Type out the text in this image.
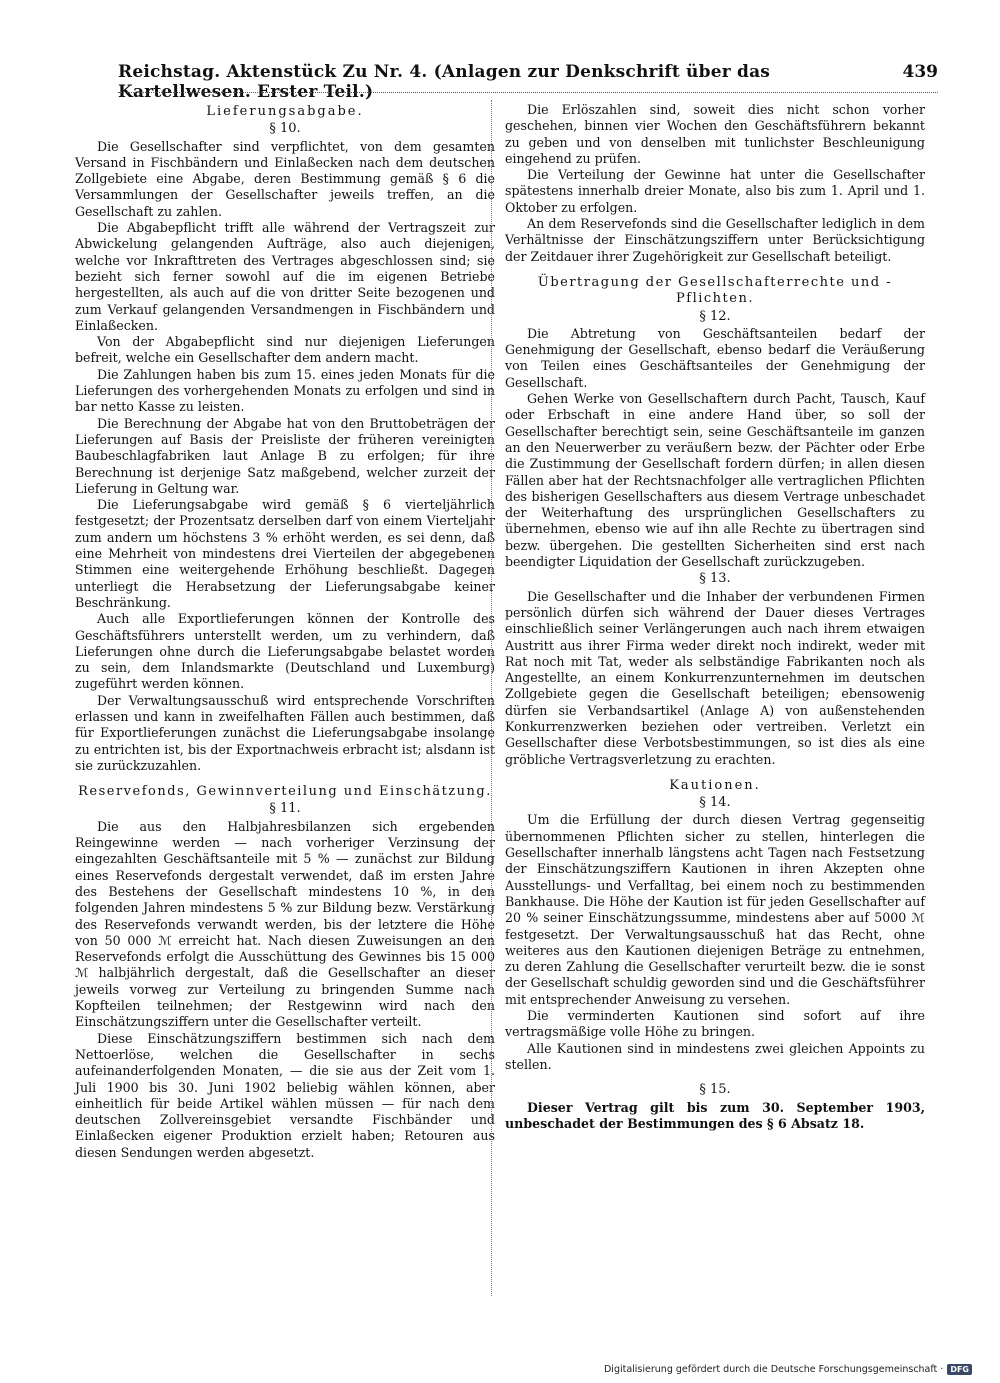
Reichstag. Aktenstück Zu Nr. 4. (Anlagen zur Denkschrift über das Kartellwesen. Erster Teil.)
439
Lieferungsabgabe.
§ 10.

Die Gesellschafter sind verpflichtet, von dem gesamten Versand in Fischbändern und Einlaßecken nach dem deutschen Zollgebiete eine Abgabe, deren Bestimmung gemäß § 6 die Versammlungen der Gesellschafter jeweils treffen, an die Gesellschaft zu zahlen.

Die Abgabepflicht trifft alle während der Vertragszeit zur Abwickelung gelangenden Aufträge, also auch diejenigen, welche vor Inkrafttreten des Vertrages abgeschlossen sind; sie bezieht sich ferner sowohl auf die im eigenen Betriebe hergestellten, als auch auf die von dritter Seite bezogenen und zum Verkauf gelangenden Versandmengen in Fischbändern und Einlaßecken.

Von der Abgabepflicht sind nur diejenigen Lieferungen befreit, welche ein Gesellschafter dem andern macht.

Die Zahlungen haben bis zum 15. eines jeden Monats für die Lieferungen des vorhergehenden Monats zu erfolgen und sind in bar netto Kasse zu leisten.

Die Berechnung der Abgabe hat von den Bruttobeträgen der Lieferungen auf Basis der Preisliste der früheren vereinigten Baubeschlagfabriken laut Anlage B zu erfolgen; für ihre Berechnung ist derjenige Satz maßgebend, welcher zurzeit der Lieferung in Geltung war.

Die Lieferungsabgabe wird gemäß § 6 vierteljährlich festgesetzt; der Prozentsatz derselben darf von einem Vierteljahr zum andern um höchstens 3 % erhöht werden, es sei denn, daß eine Mehrheit von mindestens drei Vierteilen der abgegebenen Stimmen eine weitergehende Erhöhung beschließt. Dagegen unterliegt die Herabsetzung der Lieferungsabgabe keiner Beschränkung.

Auch alle Exportlieferungen können der Kontrolle des Geschäftsführers unterstellt werden, um zu verhindern, daß Lieferungen ohne durch die Lieferungsabgabe belastet worden zu sein, dem Inlandsmarkte (Deutschland und Luxemburg) zugeführt werden können.

Der Verwaltungsausschuß wird entsprechende Vorschriften erlassen und kann in zweifelhaften Fällen auch bestimmen, daß für Exportlieferungen zunächst die Lieferungsabgabe insolange zu entrichten ist, bis der Exportnachweis erbracht ist; alsdann ist sie zurückzuzahlen.

Reservefonds, Gewinnverteilung und Einschätzung.
§ 11.

Die aus den Halbjahresbilanzen sich ergebenden Reingewinne werden — nach vorheriger Verzinsung der eingezahlten Geschäftsanteile mit 5 % — zunächst zur Bildung eines Reservefonds dergestalt verwendet, daß im ersten Jahre des Bestehens der Gesellschaft mindestens 10 %, in den folgenden Jahren mindestens 5 % zur Bildung bezw. Verstärkung des Reservefonds verwandt werden, bis der letztere die Höhe von 50 000 ℳ erreicht hat. Nach diesen Zuweisungen an den Reservefonds erfolgt die Ausschüttung des Gewinnes bis 15 000 ℳ halbjährlich dergestalt, daß die Gesellschafter an dieser jeweils vorweg zur Verteilung zu bringenden Summe nach Kopfteilen teilnehmen; der Restgewinn wird nach den Einschätzungsziffern unter die Gesellschafter verteilt.

Diese Einschätzungsziffern bestimmen sich nach dem Nettoerlöse, welchen die Gesellschafter in sechs aufeinanderfolgenden Monaten, — die sie aus der Zeit vom 1. Juli 1900 bis 30. Juni 1902 beliebig wählen können, aber einheitlich für beide Artikel wählen müssen — für nach dem deutschen Zollvereinsgebiet versandte Fischbänder und Einlaßecken eigener Produktion erzielt haben; Retouren aus diesen Sendungen werden abgesetzt.

Die Erlöszahlen sind, soweit dies nicht schon vorher geschehen, binnen vier Wochen den Geschäftsführern bekannt zu geben und von denselben mit tunlichster Beschleunigung eingehend zu prüfen.

Die Verteilung der Gewinne hat unter die Gesellschafter spätestens innerhalb dreier Monate, also bis zum 1. April und 1. Oktober zu erfolgen.

An dem Reservefonds sind die Gesellschafter lediglich in dem Verhältnisse der Einschätzungsziffern unter Berücksichtigung der Zeitdauer ihrer Zugehörigkeit zur Gesellschaft beteiligt.

Übertragung der Gesellschafterrechte und -Pflichten.
§ 12.

Die Abtretung von Geschäftsanteilen bedarf der Genehmigung der Gesellschaft, ebenso bedarf die Veräußerung von Teilen eines Geschäftsanteiles der Genehmigung der Gesellschaft.

Gehen Werke von Gesellschaftern durch Pacht, Tausch, Kauf oder Erbschaft in eine andere Hand über, so soll der Gesellschafter berechtigt sein, seine Geschäftsanteile im ganzen an den Neuerwerber zu veräußern bezw. der Pächter oder Erbe die Zustimmung der Gesellschaft fordern dürfen; in allen diesen Fällen aber hat der Rechtsnachfolger alle vertraglichen Pflichten des bisherigen Gesellschafters aus diesem Vertrage unbeschadet der Weiterhaftung des ursprünglichen Gesellschafters zu übernehmen, ebenso wie auf ihn alle Rechte zu übertragen sind bezw. übergehen. Die gestellten Sicherheiten sind erst nach beendigter Liquidation der Gesellschaft zurückzugeben.

§ 13.

Die Gesellschafter und die Inhaber der verbundenen Firmen persönlich dürfen sich während der Dauer dieses Vertrages einschließlich seiner Verlängerungen auch nach ihrem etwaigen Austritt aus ihrer Firma weder direkt noch indirekt, weder mit Rat noch mit Tat, weder als selbständige Fabrikanten noch als Angestellte, an einem Konkurrenzunternehmen im deutschen Zollgebiete gegen die Gesellschaft beteiligen; ebensowenig dürfen sie Verbandsartikel (Anlage A) von außenstehenden Konkurrenzwerken beziehen oder vertreiben. Verletzt ein Gesellschafter diese Verbotsbestimmungen, so ist dies als eine gröbliche Vertragsverletzung zu erachten.

Kautionen.
§ 14.

Um die Erfüllung der durch diesen Vertrag gegenseitig übernommenen Pflichten sicher zu stellen, hinterlegen die Gesellschafter innerhalb längstens acht Tagen nach Festsetzung der Einschätzungsziffern Kautionen in ihren Akzepten ohne Ausstellungs- und Verfalltag, bei einem noch zu bestimmenden Bankhause. Die Höhe der Kaution ist für jeden Gesellschafter auf 20 % seiner Einschätzungssumme, mindestens aber auf 5000 ℳ festgesetzt. Der Verwaltungsausschuß hat das Recht, ohne weiteres aus den Kautionen diejenigen Beträge zu entnehmen, zu deren Zahlung die Gesellschafter verurteilt bezw. die ie sonst der Gesellschaft schuldig geworden sind und die Geschäftsführer mit entsprechender Anweisung zu versehen.

Die verminderten Kautionen sind sofort auf ihre vertragsmäßige volle Höhe zu bringen.

Alle Kautionen sind in mindestens zwei gleichen Appoints zu stellen.

§ 15.

Dieser Vertrag gilt bis zum 30. September 1903, unbeschadet der Bestimmungen des § 6 Absatz 18.

Digitalisierung gefördert durch die Deutsche Forschungsgemeinschaft · DFG
